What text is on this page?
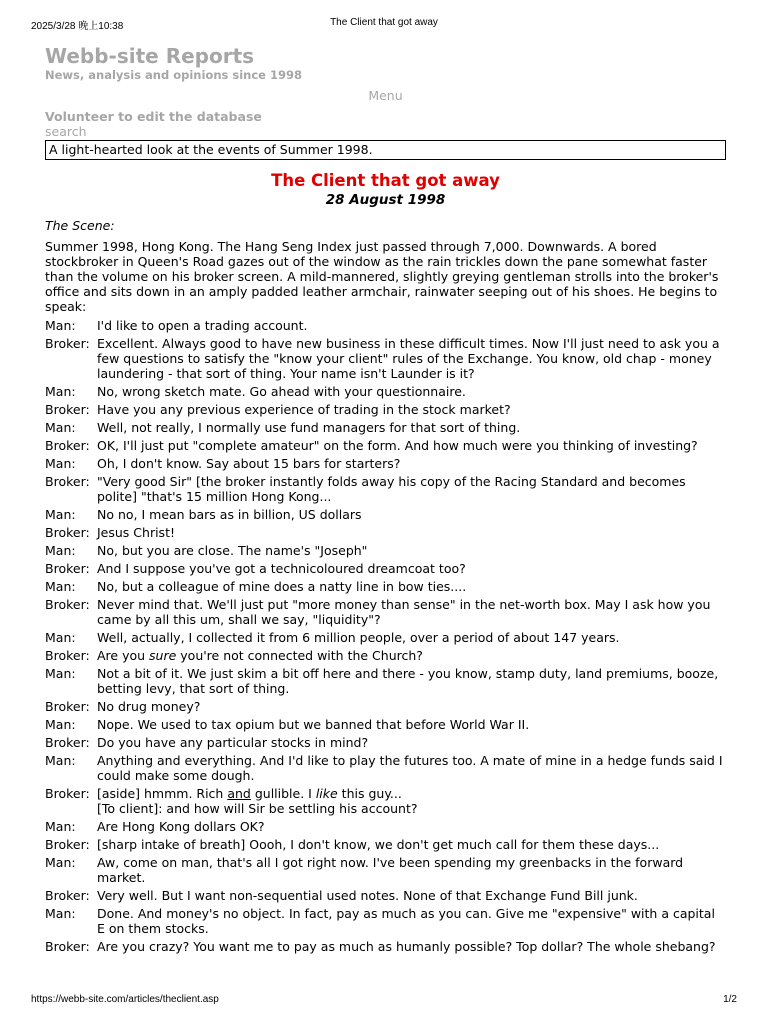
2025/3/28 晚上10:38	The Client that got away
Webb-site Reports
News, analysis and opinions since 1998
Menu
Volunteer to edit the database
search
A light-hearted look at the events of Summer 1998.
The Client that got away
28 August 1998
The Scene:
Summer 1998, Hong Kong. The Hang Seng Index just passed through 7,000. Downwards. A bored stockbroker in Queen's Road gazes out of the window as the rain trickles down the pane somewhat faster than the volume on his broker screen. A mild-mannered, slightly greying gentleman strolls into the broker's office and sits down in an amply padded leather armchair, rainwater seeping out of his shoes. He begins to speak:
Man:	I'd like to open a trading account.
Broker:	Excellent. Always good to have new business in these difficult times. Now I'll just need to ask you a few questions to satisfy the "know your client" rules of the Exchange. You know, old chap - money laundering - that sort of thing. Your name isn't Launder is it?
Man:	No, wrong sketch mate. Go ahead with your questionnaire.
Broker:	Have you any previous experience of trading in the stock market?
Man:	Well, not really, I normally use fund managers for that sort of thing.
Broker:	OK, I'll just put "complete amateur" on the form. And how much were you thinking of investing?
Man:	Oh, I don't know. Say about 15 bars for starters?
Broker:	"Very good Sir" [the broker instantly folds away his copy of the Racing Standard and becomes polite] "that's 15 million Hong Kong...
Man:	No no, I mean bars as in billion, US dollars
Broker:	Jesus Christ!
Man:	No, but you are close. The name's "Joseph"
Broker:	And I suppose you've got a technicoloured dreamcoat too?
Man:	No, but a colleague of mine does a natty line in bow ties....
Broker:	Never mind that. We'll just put "more money than sense" in the net-worth box. May I ask how you came by all this um, shall we say, "liquidity"?
Man:	Well, actually, I collected it from 6 million people, over a period of about 147 years.
Broker:	Are you sure you're not connected with the Church?
Man:	Not a bit of it. We just skim a bit off here and there - you know, stamp duty, land premiums, booze, betting levy, that sort of thing.
Broker:	No drug money?
Man:	Nope. We used to tax opium but we banned that before World War II.
Broker:	Do you have any particular stocks in mind?
Man:	Anything and everything. And I'd like to play the futures too. A mate of mine in a hedge funds said I could make some dough.
Broker:	[aside] hmmm. Rich and gullible. I like this guy...
[To client]: and how will Sir be settling his account?

Man:	Are Hong Kong dollars OK?
Broker:	[sharp intake of breath] Oooh, I don't know, we don't get much call for them these days...
Man:	Aw, come on man, that's all I got right now. I've been spending my greenbacks in the forward market.
Broker:	Very well. But I want non-sequential used notes. None of that Exchange Fund Bill junk.
Man:	Done. And money's no object. In fact, pay as much as you can. Give me "expensive" with a capital E on them stocks.
Broker:	Are you crazy? You want me to pay as much as humanly possible? Top dollar? The whole shebang?
https://webb-site.com/articles/theclient.asp	1/2
